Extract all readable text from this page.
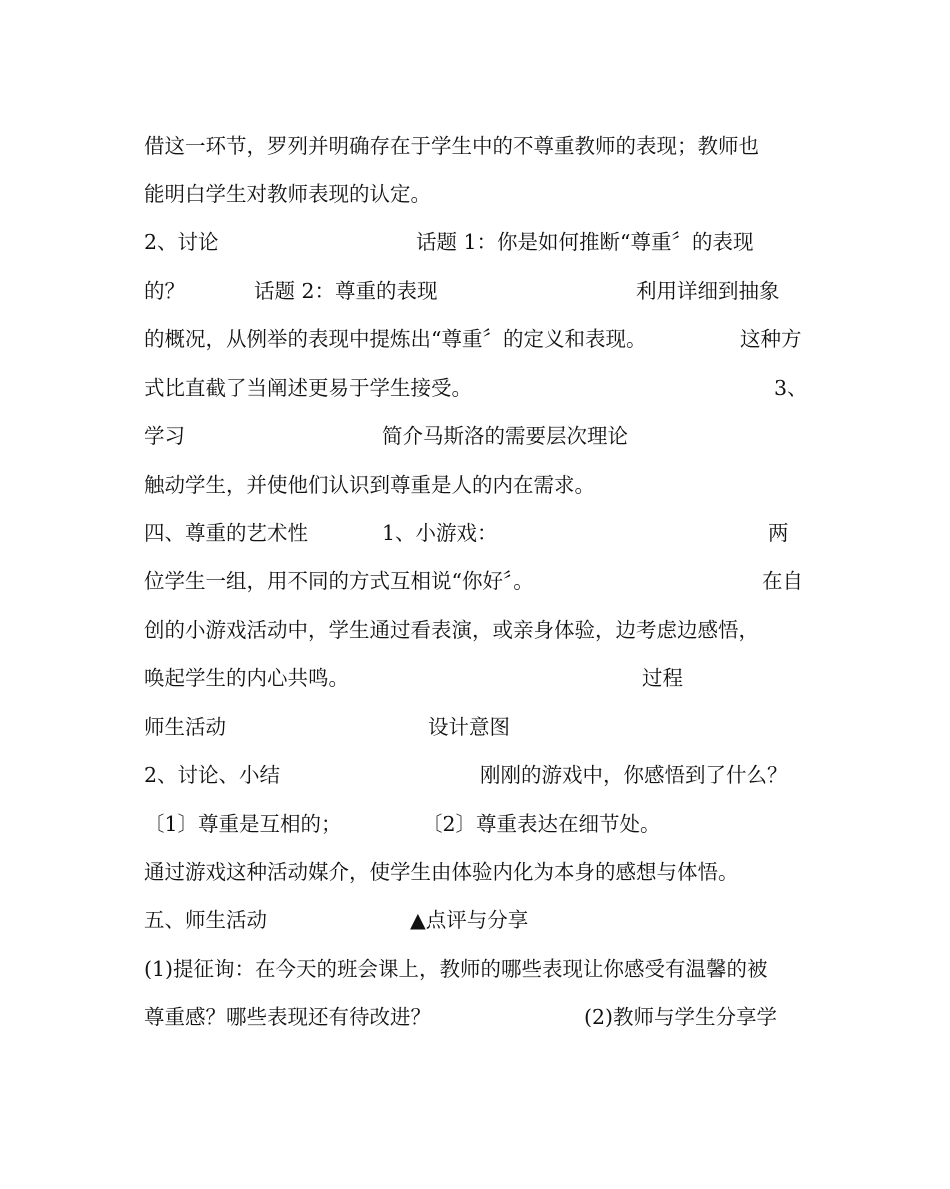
借这一环节，罗列并明确存在于学生中的不尊重教师的表现；教师也
能明白学生对教师表现的认定。
2、讨论	话题 1：你是如何推断“尊重〞的表现
的？	话题 2：尊重的表现	利用详细到抽象
的概况，从例举的表现中提炼出“尊重〞的定义和表现。	这种方
式比直截了当阐述更易于学生接受。	3、
学习	简介马斯洛的需要层次理论
触动学生，并使他们认识到尊重是人的内在需求。
四、尊重的艺术性	1、小游戏：	两
位学生一组，用不同的方式互相说“你好〞。	在自
创的小游戏活动中，学生通过看表演，或亲身体验，边考虑边感悟，
唤起学生的内心共鸣。	过程
师生活动	设计意图
2、讨论、小结	刚刚的游戏中，你感悟到了什么？
〔1〕尊重是互相的；	〔2〕尊重表达在细节处。
通过游戏这种活动媒介，使学生由体验内化为本身的感想与体悟。
五、师生活动	▲点评与分享
(1)提征询：在今天的班会课上，教师的哪些表现让你感受有温馨的被
尊重感？哪些表现还有待改进？	(2)教师与学生分享学
